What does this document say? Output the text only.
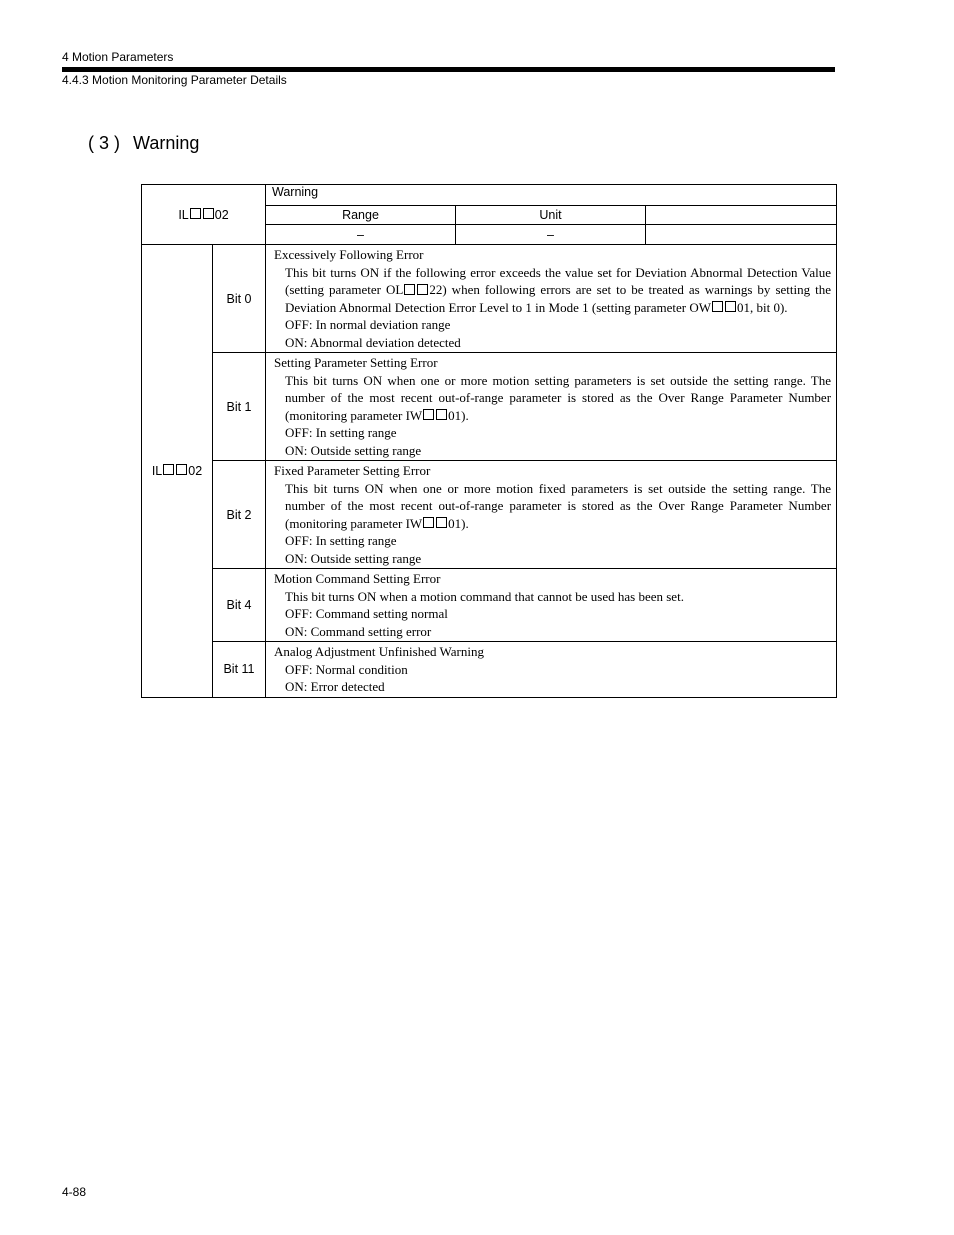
4 Motion Parameters
4.4.3 Motion Monitoring Parameter Details
( 3 ) Warning
IL 02		Warning		
		Range	Unit	
		–	–	
IL 02	Bit 0	Excessively Following Error

This bit turns ON if the following error exceeds the value set for Deviation Abnormal Detection Value (setting parameter OL 22) when following errors are set to be treated as warnings by setting the Deviation Abnormal Detection Error Level to 1 in Mode 1 (setting parameter OW 01, bit 0).

OFF: In normal deviation range

ON: Abnormal deviation detected		

	Bit 1	Setting Parameter Setting Error

This bit turns ON when one or more motion setting parameters is set outside the setting range. The number of the most recent out-of-range parameter is stored as the Over Range Parameter Number (monitoring parameter IW 01).

OFF: In setting range

ON: Outside setting range		

	Bit 2	Fixed Parameter Setting Error

This bit turns ON when one or more motion fixed parameters is set outside the setting range. The number of the most recent out-of-range parameter is stored as the Over Range Parameter Number (monitoring parameter IW 01).

OFF: In setting range

ON: Outside setting range		

	Bit 4	Motion Command Setting Error

This bit turns ON when a motion command that cannot be used has been set.

OFF: Command setting normal

ON: Command setting error		

	Bit 11	Analog Adjustment Unfinished Warning

OFF: Normal condition

ON: Error detected		

4-88
